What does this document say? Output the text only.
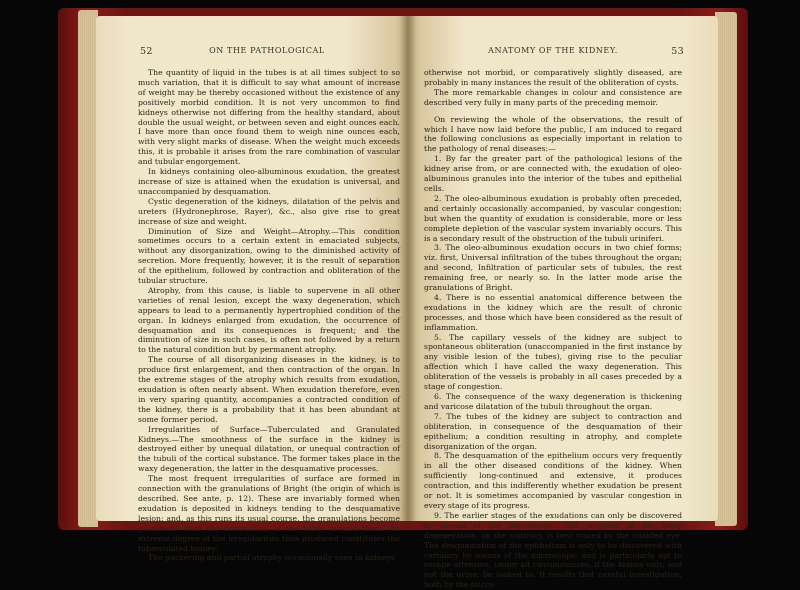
52	ON THE PATHOLOGICAL

The quantity of liquid in the tubes is at all times subject to so much variation, that it is difficult to say what amount of increase of weight may be thereby occasioned without the existence of any positively morbid condition. It is not very uncommon to find kidneys otherwise not differing from the healthy standard, about double the usual weight, or between seven and eight ounces each. I have more than once found them to weigh nine ounces each, with very slight marks of disease. When the weight much exceeds this, it is probable it arises from the rare combination of vascular and tubular engorgement.

In kidneys containing oleo-albuminous exudation, the greatest increase of size is attained when the exudation is universal, and unaccompanied by desquamation.

Cystic degeneration of the kidneys, dilatation of the pelvis and ureters (Hydronephrose, Rayer), &c., also give rise to great increase of size and weight.

Diminution of Size and Weight—Atrophy.—This condition sometimes occurs to a certain extent in emaciated subjects, without any disorganization, owing to the diminished activity of secretion. More frequently, however, it is the result of separation of the epithelium, followed by contraction and obliteration of the tubular structure.

Atrophy, from this cause, is liable to supervene in all other varieties of renal lesion, except the waxy degeneration, which appears to lead to a permanently hypertrophied condition of the organ. In kidneys enlarged from exudation, the occurrence of desquamation and its consequences is frequent; and the diminution of size in such cases, is often not followed by a return to the natural condition but by permanent atrophy.

The course of all disorganizing diseases in the kidney, is to produce first enlargement, and then contraction of the organ. In the extreme stages of the atrophy which results from exudation, exudation is often nearly absent. When exudation therefore, even in very sparing quantity, accompanies a contracted condition of the kidney, there is a probability that it has been abundant at some former period.

Irregularities of Surface—Tuberculated and Granulated Kidneys.—The smoothness of the surface in the kidney is destroyed either by unequal dilatation, or unequal contraction of the tubuli of the cortical substance. The former takes place in the waxy degeneration, the latter in the desquamative processes.

The most frequent irregularities of surface are formed in connection with the granulations of Bright (the origin of which is described. See ante, p. 12). These are invariably formed when exudation is deposited in kidneys tending to the desquamative lesion; and, as this runs its usual course, the granulations become prominent from the destruction of the tubes around them. An extreme degree of the irregularities thus produced constitutes the tuberculated kidney.

The puckering and partial atrophy occasionally seen in kidneys

ANATOMY OF THE KIDNEY.	53

otherwise not morbid, or comparatively slightly diseased, are probably in many instances the result of the obliteration of cysts.

The more remarkable changes in colour and consistence are described very fully in many parts of the preceding memoir.

On reviewing the whole of the observations, the result of which I have now laid before the public, I am induced to regard the following conclusions as especially important in relation to the pathology of renal diseases:—

1. By far the greater part of the pathological lesions of the kidney arise from, or are connected with, the exudation of oleo-albuminous granules into the interior of the tubes and epithelial cells.

2. The oleo-albuminous exudation is probably often preceded, and certainly occasionally accompanied, by vascular congestion; but when the quantity of exudation is considerable, more or less complete depletion of the vascular system invariably occurs. This is a secondary result of the obstruction of the tubuli uriniferi.

3. The oleo-albuminous exudation occurs in two chief forms; viz. first, Universal infiltration of the tubes throughout the organ; and second, Infiltration of particular sets of tubules, the rest remaining free, or nearly so. In the latter mode arise the granulations of Bright.

4. There is no essential anatomical difference between the exudations in the kidney which are the result of chronic processes, and those which have been considered as the result of inflammation.

5. The capillary vessels of the kidney are subject to spontaneous obliteration (unaccompanied in the first instance by any visible lesion of the tubes), giving rise to the peculiar affection which I have called the waxy degeneration. This obliteration of the vessels is probably in all cases preceded by a stage of congestion.

6. The consequence of the waxy degeneration is thickening and varicose dilatation of the tubuli throughout the organ.

7. The tubes of the kidney are subject to contraction and obliteration, in consequence of the desquamation of their epithelium; a condition resulting in atrophy, and complete disorganization of the organ.

8. The desquamation of the epithelium occurs very frequently in all the other diseased conditions of the kidney. When sufficiently long-continued and extensive, it produces contraction, and this indifferently whether exudation be present or not. It is sometimes accompanied by vascular congestion in every stage of its progress.

9. The earlier stages of the exudations can only be discovered by means of the microscope. The progress of the waxy degeneration, on the contrary, is best traced by the unaided eye. The desquamation of the epithelium is only to be discovered with certainty by means of the microscope, and is particularly apt to escape attention, under all circumstances, if the kidney only, and not the urine, be looked to. It results that careful investigation, both by the micro-
